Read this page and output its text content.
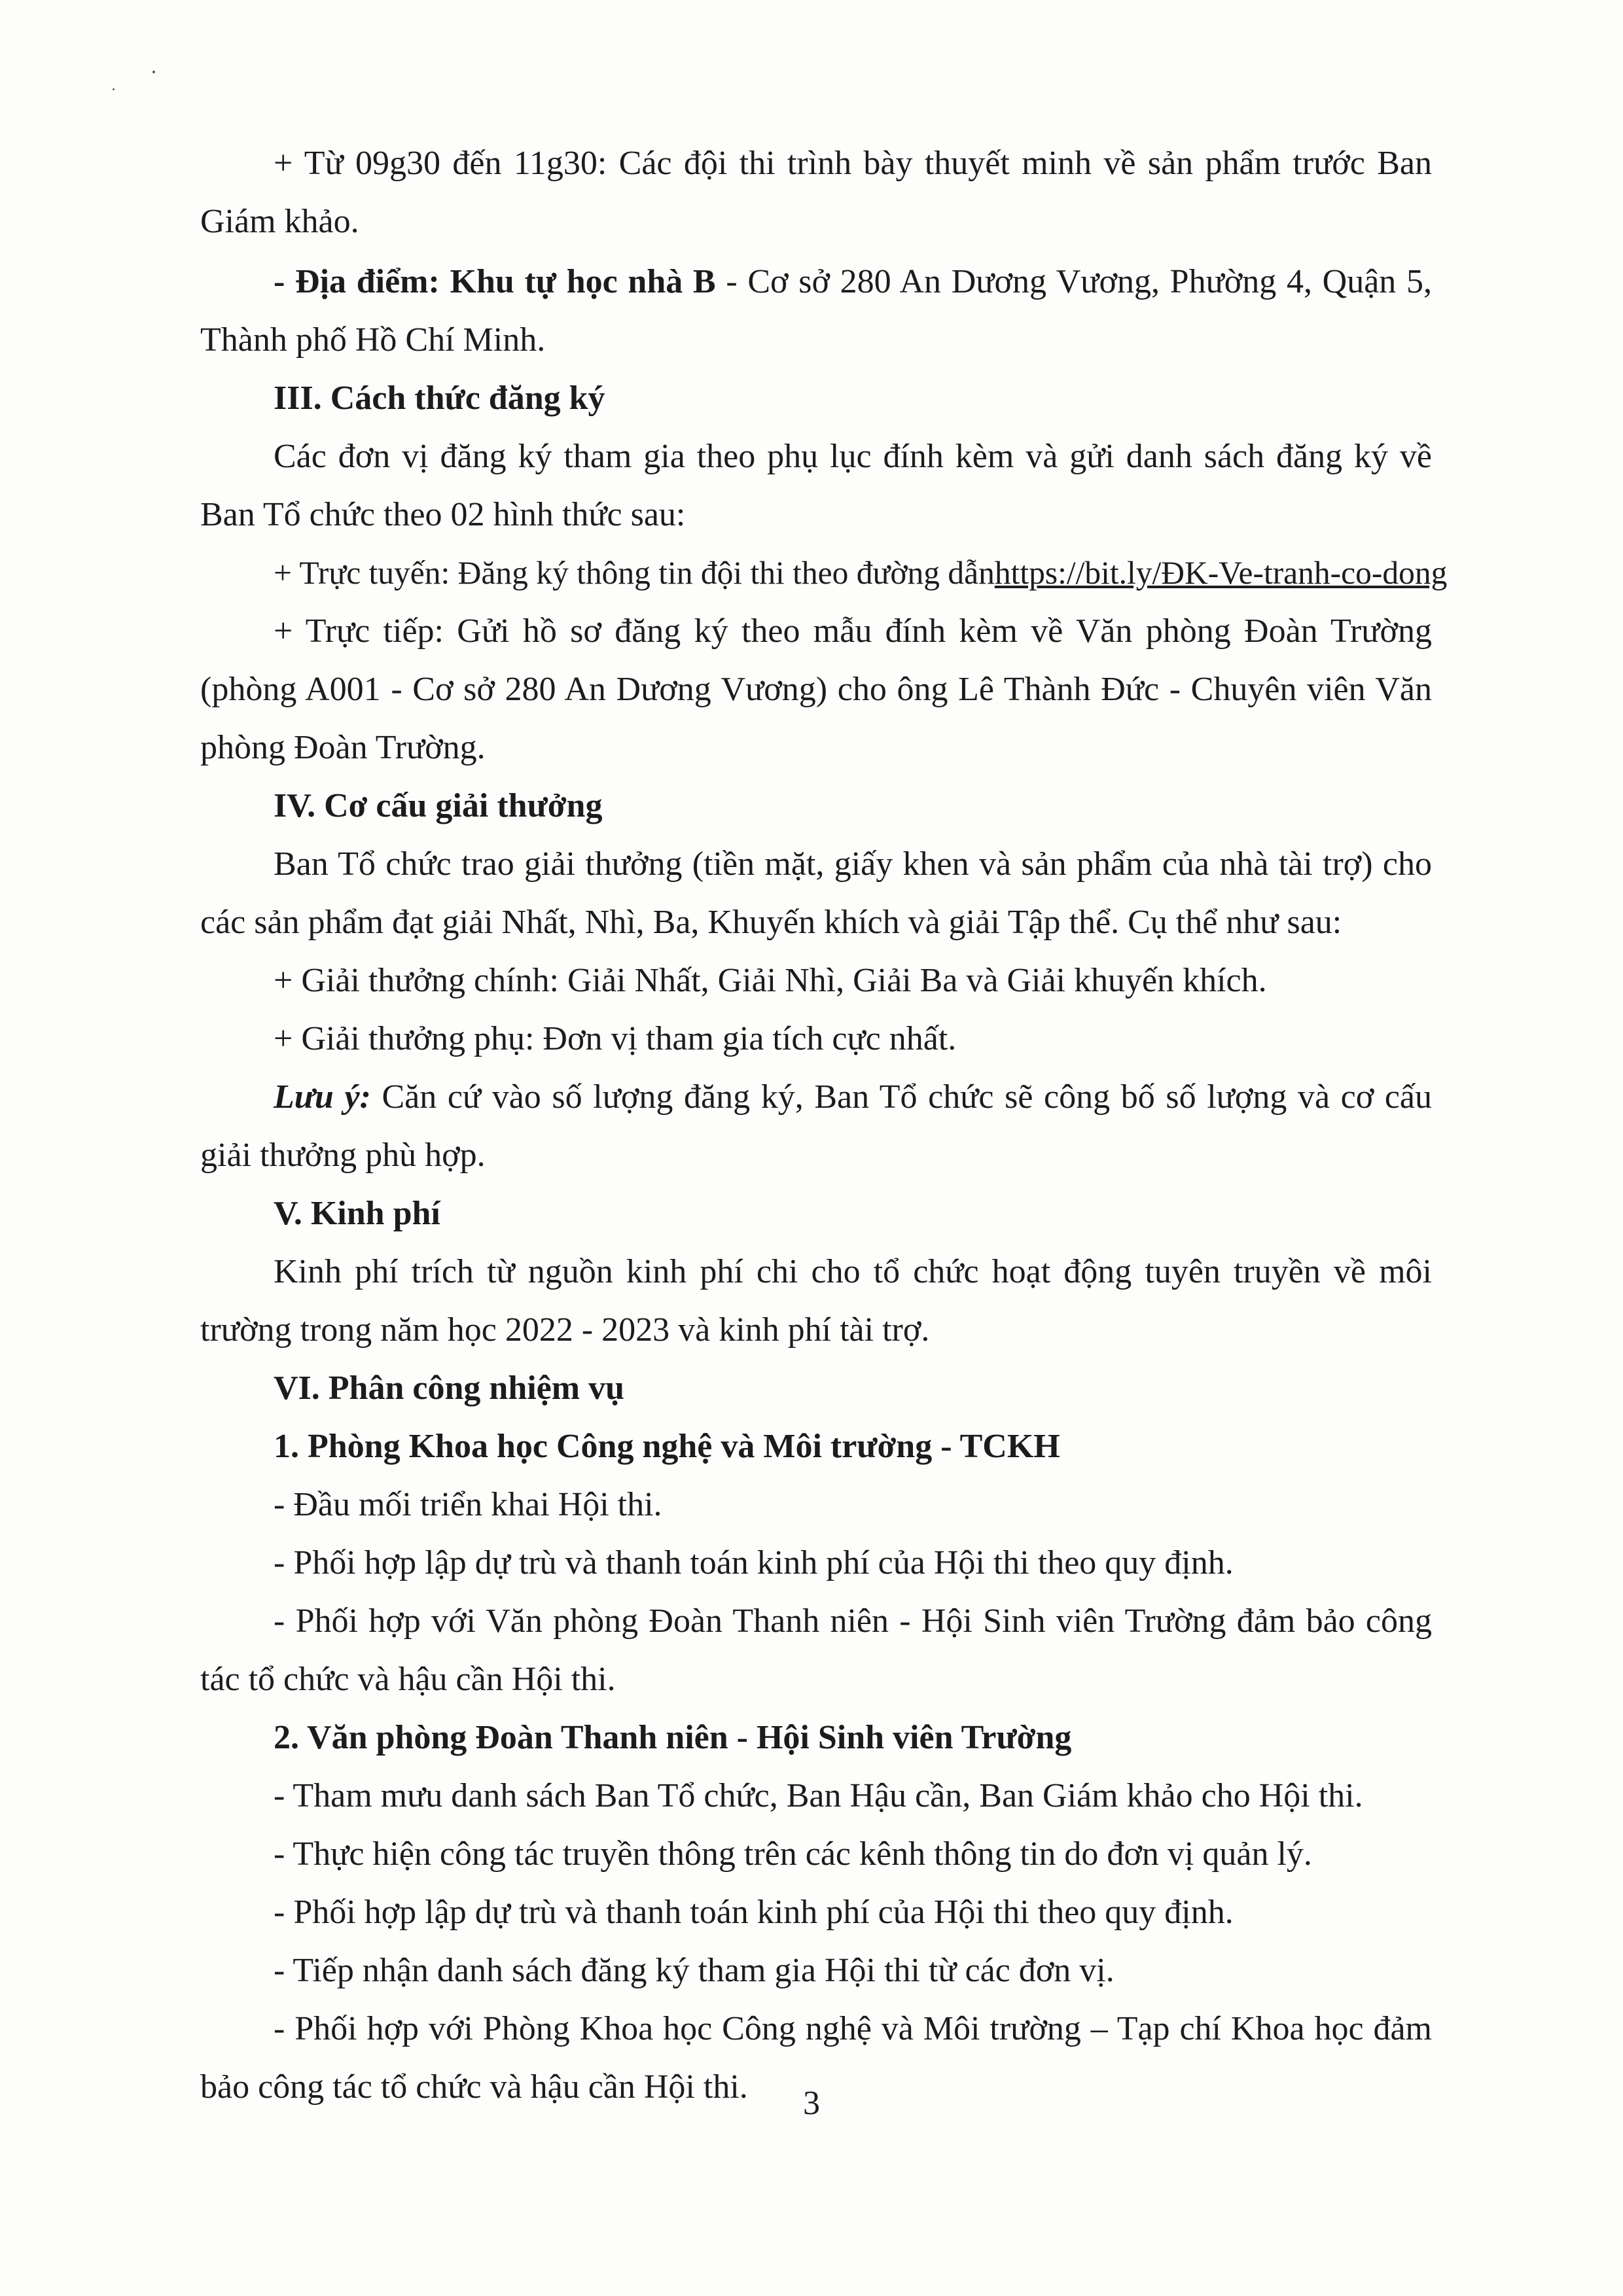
+ Từ 09g30 đến 11g30: Các đội thi trình bày thuyết minh về sản phẩm trước Ban Giám khảo.

- Địa điểm: Khu tự học nhà B - Cơ sở 280 An Dương Vương, Phường 4, Quận 5, Thành phố Hồ Chí Minh.

III. Cách thức đăng ký

Các đơn vị đăng ký tham gia theo phụ lục đính kèm và gửi danh sách đăng ký về Ban Tổ chức theo 02 hình thức sau:

+ Trực tuyến: Đăng ký thông tin đội thi theo đường dẫnhttps://bit.ly/ĐK-Ve-tranh-co-dong

+ Trực tiếp: Gửi hồ sơ đăng ký theo mẫu đính kèm về Văn phòng Đoàn Trường (phòng A001 - Cơ sở 280 An Dương Vương) cho ông Lê Thành Đức - Chuyên viên Văn phòng Đoàn Trường.

IV. Cơ cấu giải thưởng

Ban Tổ chức trao giải thưởng (tiền mặt, giấy khen và sản phẩm của nhà tài trợ) cho các sản phẩm đạt giải Nhất, Nhì, Ba, Khuyến khích và giải Tập thể. Cụ thể như sau:

+ Giải thưởng chính: Giải Nhất, Giải Nhì, Giải Ba và Giải khuyến khích.

+ Giải thưởng phụ: Đơn vị tham gia tích cực nhất.

Lưu ý: Căn cứ vào số lượng đăng ký, Ban Tổ chức sẽ công bố số lượng và cơ cấu giải thưởng phù hợp.

V. Kinh phí

Kinh phí trích từ nguồn kinh phí chi cho tổ chức hoạt động tuyên truyền về môi trường trong năm học 2022 - 2023 và kinh phí tài trợ.

VI. Phân công nhiệm vụ

1. Phòng Khoa học Công nghệ và Môi trường - TCKH

- Đầu mối triển khai Hội thi.

- Phối hợp lập dự trù và thanh toán kinh phí của Hội thi theo quy định.

- Phối hợp với Văn phòng Đoàn Thanh niên - Hội Sinh viên Trường đảm bảo công tác tổ chức và hậu cần Hội thi.

2. Văn phòng Đoàn Thanh niên - Hội Sinh viên Trường

- Tham mưu danh sách Ban Tổ chức, Ban Hậu cần, Ban Giám khảo cho Hội thi.

- Thực hiện công tác truyền thông trên các kênh thông tin do đơn vị quản lý.

- Phối hợp lập dự trù và thanh toán kinh phí của Hội thi theo quy định.

- Tiếp nhận danh sách đăng ký tham gia Hội thi từ các đơn vị.

- Phối hợp với Phòng Khoa học Công nghệ và Môi trường – Tạp chí Khoa học đảm bảo công tác tổ chức và hậu cần Hội thi.	3
